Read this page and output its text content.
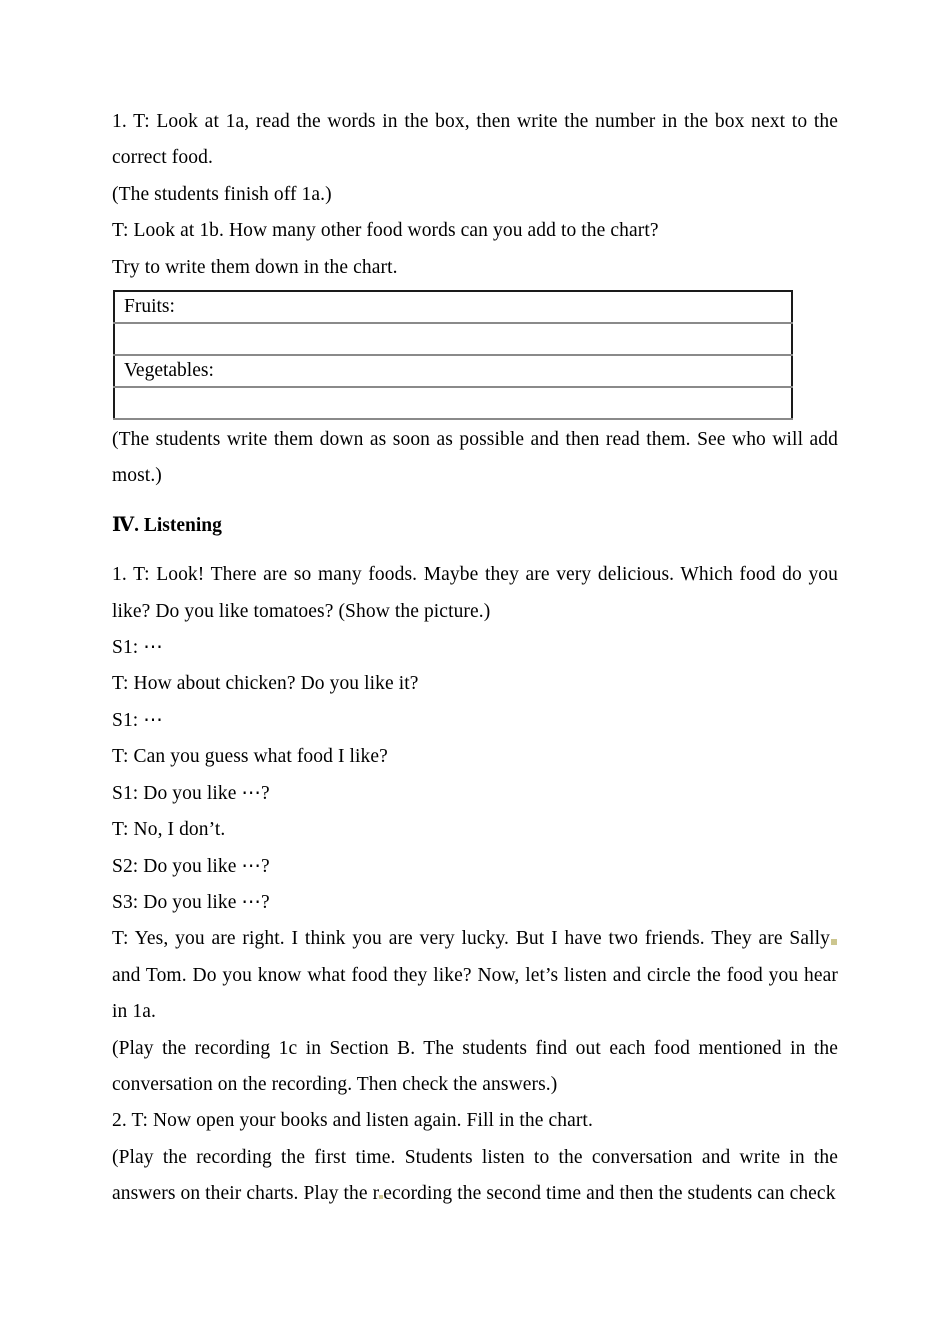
1. T: Look at 1a, read the words in the box, then write the number in the box next to the correct food.

(The students finish off 1a.)

T: Look at 1b. How many other food words can you add to the chart?

Try to write them down in the chart.

Fruits:

Vegetables:

(The students write them down as soon as possible and then read them. See who will add most.)

Ⅳ. Listening

1. T: Look! There are so many foods. Maybe they are very delicious. Which food do you like? Do you like tomatoes? (Show the picture.)

S1: ⋯

T: How about chicken? Do you like it?

S1: ⋯

T: Can you guess what food I like?

S1: Do you like ⋯?

T: No, I don’t.

S2: Do you like ⋯?

S3: Do you like ⋯?

T: Yes, you are right. I think you are very lucky. But I have two friends. They are Sally and Tom. Do you know what food they like? Now, let’s listen and circle the food you hear in 1a.

(Play the recording 1c in Section B. The students find out each food mentioned in the conversation on the recording. Then check the answers.)

2. T: Now open your books and listen again. Fill in the chart.

(Play the recording the first time. Students listen to the conversation and write in the answers on their charts. Play the r ecording the second time and then the students can check
